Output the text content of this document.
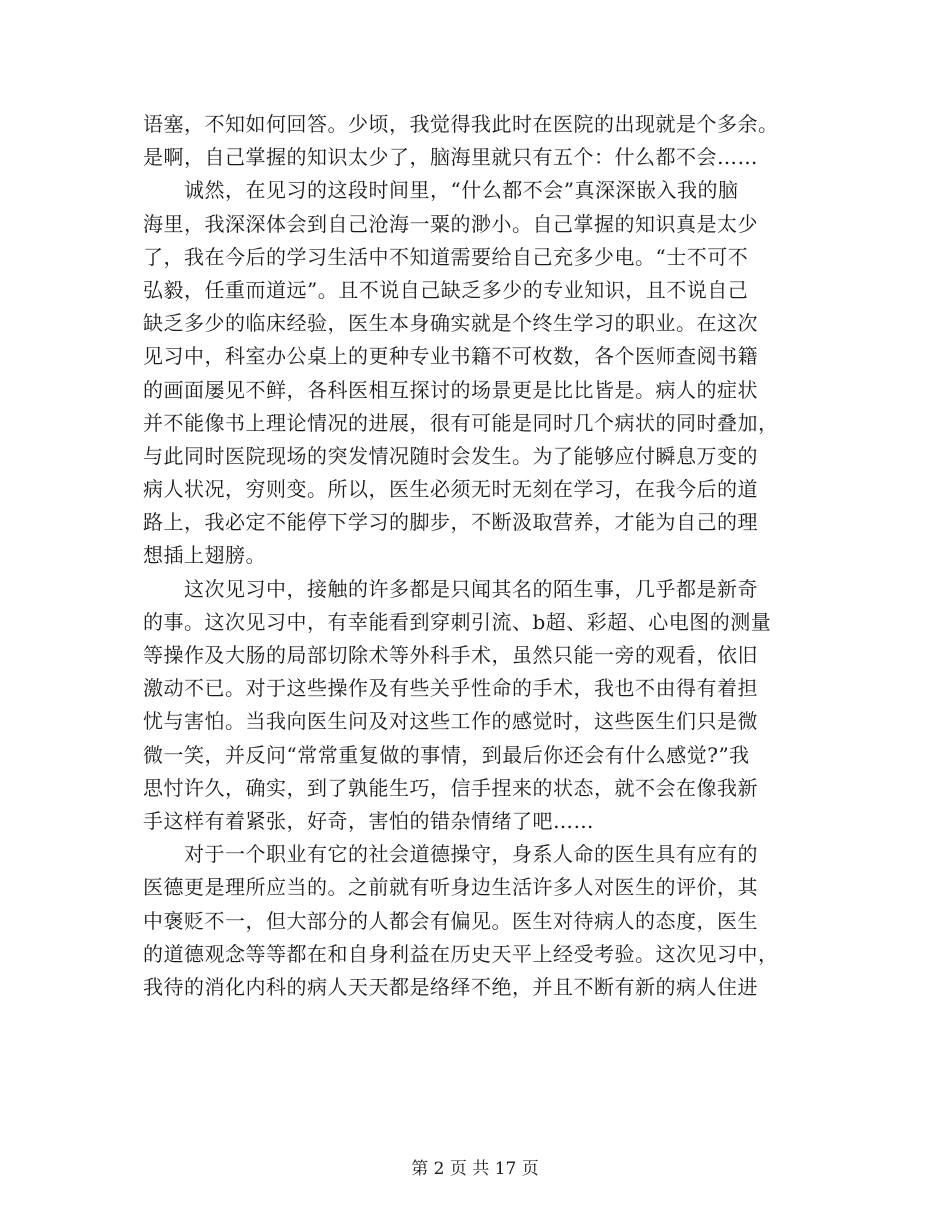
语塞，不知如何回答。少顷，我觉得我此时在医院的出现就是个多余。
是啊，自己掌握的知识太少了，脑海里就只有五个：什么都不会……
　　诚然，在见习的这段时间里，“什么都不会”真深深嵌入我的脑
海里，我深深体会到自己沧海一粟的渺小。自己掌握的知识真是太少
了，我在今后的学习生活中不知道需要给自己充多少电。“士不可不
弘毅，任重而道远”。且不说自己缺乏多少的专业知识，且不说自己
缺乏多少的临床经验，医生本身确实就是个终生学习的职业。在这次
见习中，科室办公桌上的更种专业书籍不可枚数，各个医师查阅书籍
的画面屡见不鲜，各科医相互探讨的场景更是比比皆是。病人的症状
并不能像书上理论情况的进展，很有可能是同时几个病状的同时叠加，
与此同时医院现场的突发情况随时会发生。为了能够应付瞬息万变的
病人状况，穷则变。所以，医生必须无时无刻在学习，在我今后的道
路上，我必定不能停下学习的脚步，不断汲取营养，才能为自己的理
想插上翅膀。
　　这次见习中，接触的许多都是只闻其名的陌生事，几乎都是新奇
的事。这次见习中，有幸能看到穿刺引流、b超、彩超、心电图的测量
等操作及大肠的局部切除术等外科手术，虽然只能一旁的观看，依旧
激动不已。对于这些操作及有些关乎性命的手术，我也不由得有着担
忧与害怕。当我向医生问及对这些工作的感觉时，这些医生们只是微
微一笑，并反问“常常重复做的事情，到最后你还会有什么感觉?”我
思忖许久，确实，到了孰能生巧，信手捏来的状态，就不会在像我新
手这样有着紧张，好奇，害怕的错杂情绪了吧……
　　对于一个职业有它的社会道德操守，身系人命的医生具有应有的
医德更是理所应当的。之前就有听身边生活许多人对医生的评价，其
中褒贬不一，但大部分的人都会有偏见。医生对待病人的态度，医生
的道德观念等等都在和自身利益在历史天平上经受考验。这次见习中，
我待的消化内科的病人天天都是络绎不绝，并且不断有新的病人住进
第 2 页 共 17 页
